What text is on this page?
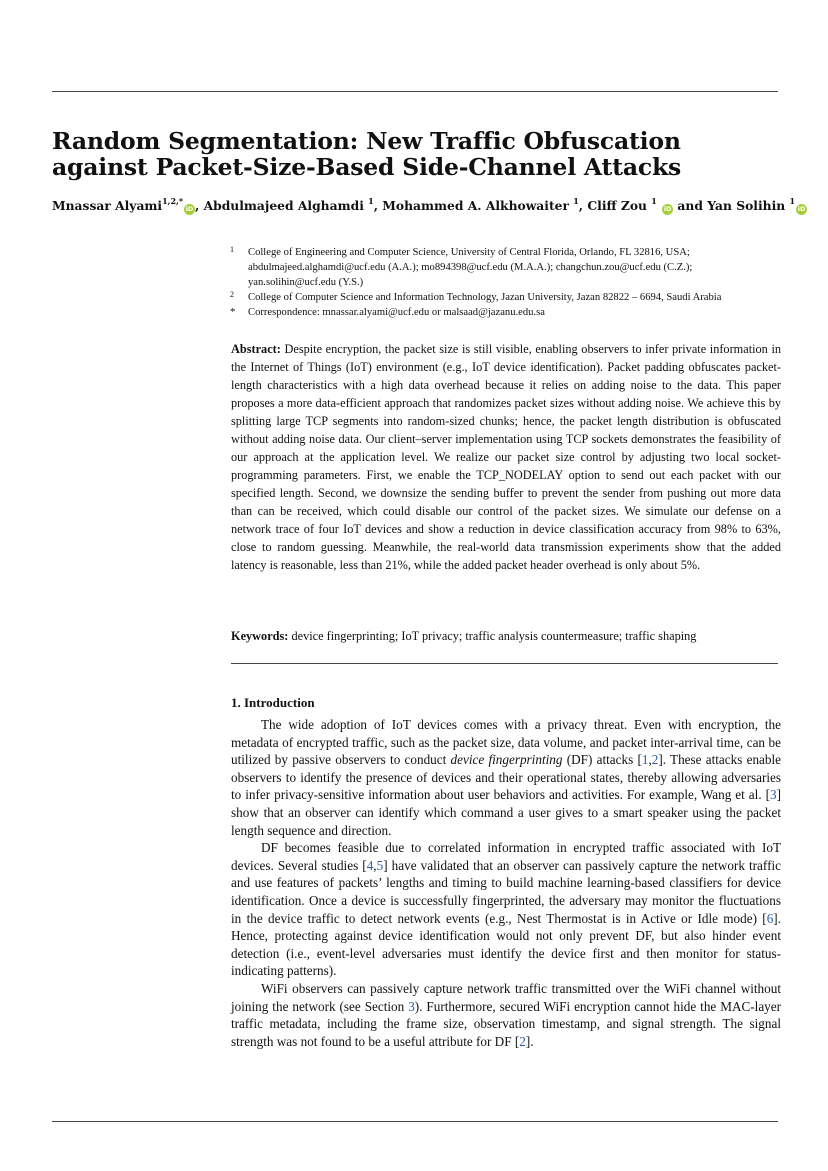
Random Segmentation: New Traffic Obfuscation against Packet-Size-Based Side-Channel Attacks
Mnassar Alyami$^{1,2,*}$iD , Abdulmajeed Alghamdi $^1$, Mohammed A. Alkhowaiter $^1$, Cliff Zou $^1$ iD and Yan Solihin $^1$iD
1 College of Engineering and Computer Science, University of Central Florida, Orlando, FL 32816, USA;
abdulmajeed.alghamdi@ucf.edu (A.A.); mo894398@ucf.edu (M.A.A.); changchun.zou@ucf.edu (C.Z.);
yan.solihin@ucf.edu (Y.S.)
2 College of Computer Science and Information Technology, Jazan University, Jazan 82822 – 6694, Saudi Arabia
* Correspondence: mnassar.alyami@ucf.edu or malsaad@jazanu.edu.sa
Abstract: Despite encryption, the packet size is still visible, enabling observers to infer private information in the Internet of Things (IoT) environment (e.g., IoT device identification). Packet padding obfuscates packet-length characteristics with a high data overhead because it relies on adding noise to the data. This paper proposes a more data-efficient approach that randomizes packet sizes without adding noise. We achieve this by splitting large TCP segments into random-sized chunks; hence, the packet length distribution is obfuscated without adding noise data. Our client–server implementation using TCP sockets demonstrates the feasibility of our approach at the application level. We realize our packet size control by adjusting two local socket-programming parameters. First, we enable the TCP_NODELAY option to send out each packet with our specified length. Second, we downsize the sending buffer to prevent the sender from pushing out more data than can be received, which could disable our control of the packet sizes. We simulate our defense on a network trace of four IoT devices and show a reduction in device classification accuracy from 98% to 63%, close to random guessing. Meanwhile, the real-world data transmission experiments show that the added latency is reasonable, less than 21%, while the added packet header overhead is only about 5%.
Keywords: device fingerprinting; IoT privacy; traffic analysis countermeasure; traffic shaping
1. Introduction

The wide adoption of IoT devices comes with a privacy threat. Even with encryption, the metadata of encrypted traffic, such as the packet size, data volume, and packet inter-arrival time, can be utilized by passive observers to conduct device fingerprinting (DF) attacks [1,2]. These attacks enable observers to identify the presence of devices and their operational states, thereby allowing adversaries to infer privacy-sensitive information about user behaviors and activities. For example, Wang et al. [3] show that an observer can identify which command a user gives to a smart speaker using the packet length sequence and direction.

DF becomes feasible due to correlated information in encrypted traffic associated with IoT devices. Several studies [4,5] have validated that an observer can passively capture the network traffic and use features of packets’ lengths and timing to build machine learning-based classifiers for device identification. Once a device is successfully fingerprinted, the adversary may monitor the fluctuations in the device traffic to detect network events (e.g., Nest Thermostat is in Active or Idle mode) [6]. Hence, protecting against device identification would not only prevent DF, but also hinder event detection (i.e., event-level adversaries must identify the device first and then monitor for status-indicating patterns).

WiFi observers can passively capture network traffic transmitted over the WiFi channel without joining the network (see Section 3). Furthermore, secured WiFi encryption cannot hide the MAC-layer traffic metadata, including the frame size, observation timestamp, and signal strength. The signal strength was not found to be a useful attribute for DF [2].
